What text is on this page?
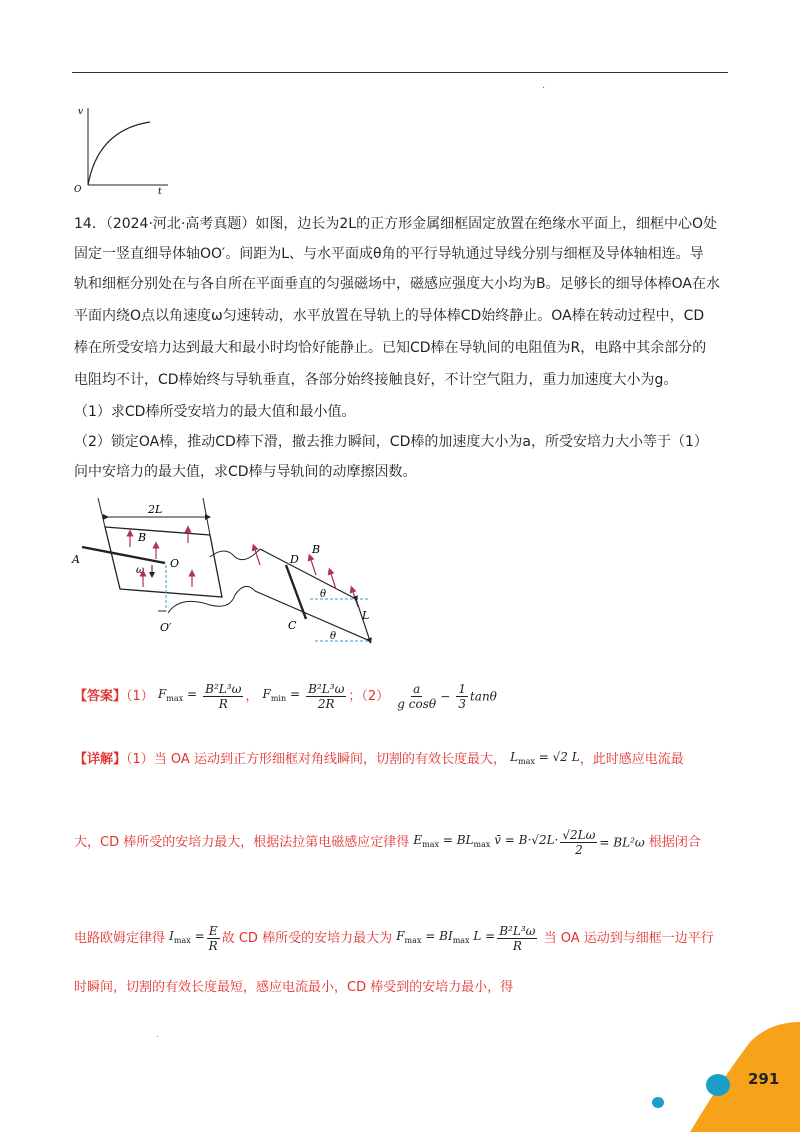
.
v
O	t
14．（2024·河北·高考真题）如图，边长为2L的正方形金属细框固定放置在绝缘水平面上，细框中心O处
固定一竖直细导体轴OO′。间距为L、与水平面成θ角的平行导轨通过导线分别与细框及导体轴相连。导
轨和细框分别处在与各自所在平面垂直的匀强磁场中，磁感应强度大小均为B。足够长的细导体棒OA在水
平面内绕O点以角速度ω匀速转动，水平放置在导轨上的导体棒CD始终静止。OA棒在转动过程中，CD
棒在所受安培力达到最大和最小时均恰好能静止。已知CD棒在导轨间的电阻值为R，电路中其余部分的
电阻均不计，CD棒始终与导轨垂直，各部分始终接触良好，不计空气阻力，重力加速度大小为g。
（1）求CD棒所受安培力的最大值和最小值。
（2）锁定OA棒，推动CD棒下滑，撤去推力瞬间，CD棒的加速度大小为a，所受安培力大小等于（1）
问中安培力的最大值，求CD棒与导轨间的动摩擦因数。
2L
B
A	O
ω
O′
D
C
B
θ
θ
L
【答案】（1） $F_{max} = \frac{\text{B²L³ω}}{R}$ ， $F_{min} = \frac{\text{B²L³ω}}{2R}$ ；$(2) \frac{a}{\text{g cosθ}} - \frac{1}{3}$ tanθ
【详解】（1）当 OA 运动到正方形细框对角线瞬间，切割的有效长度最大， $L_{max} = √2$ L，此时感应电流最
大，CD 棒所受的安培力最大，根据法拉第电磁感应定律得 $E_{max} = BL_{max}$ v̄ = $B\cdot√2L\cdot \frac{√2L\omega}{2} = BL^2\omega$ 根据闭合
电路欧姆定律得 $I_{max} = \frac{E}{R}$ 故 CD 棒所受的安培力最大为 $F_{max} = BI_{max}$ $L = \frac{\text{B²L³ω}}{R}$ 当 OA 运动到与细框一边平行
时瞬间，切割的有效长度最短，感应电流最小，CD 棒受到的安培力最小，得
.
291
